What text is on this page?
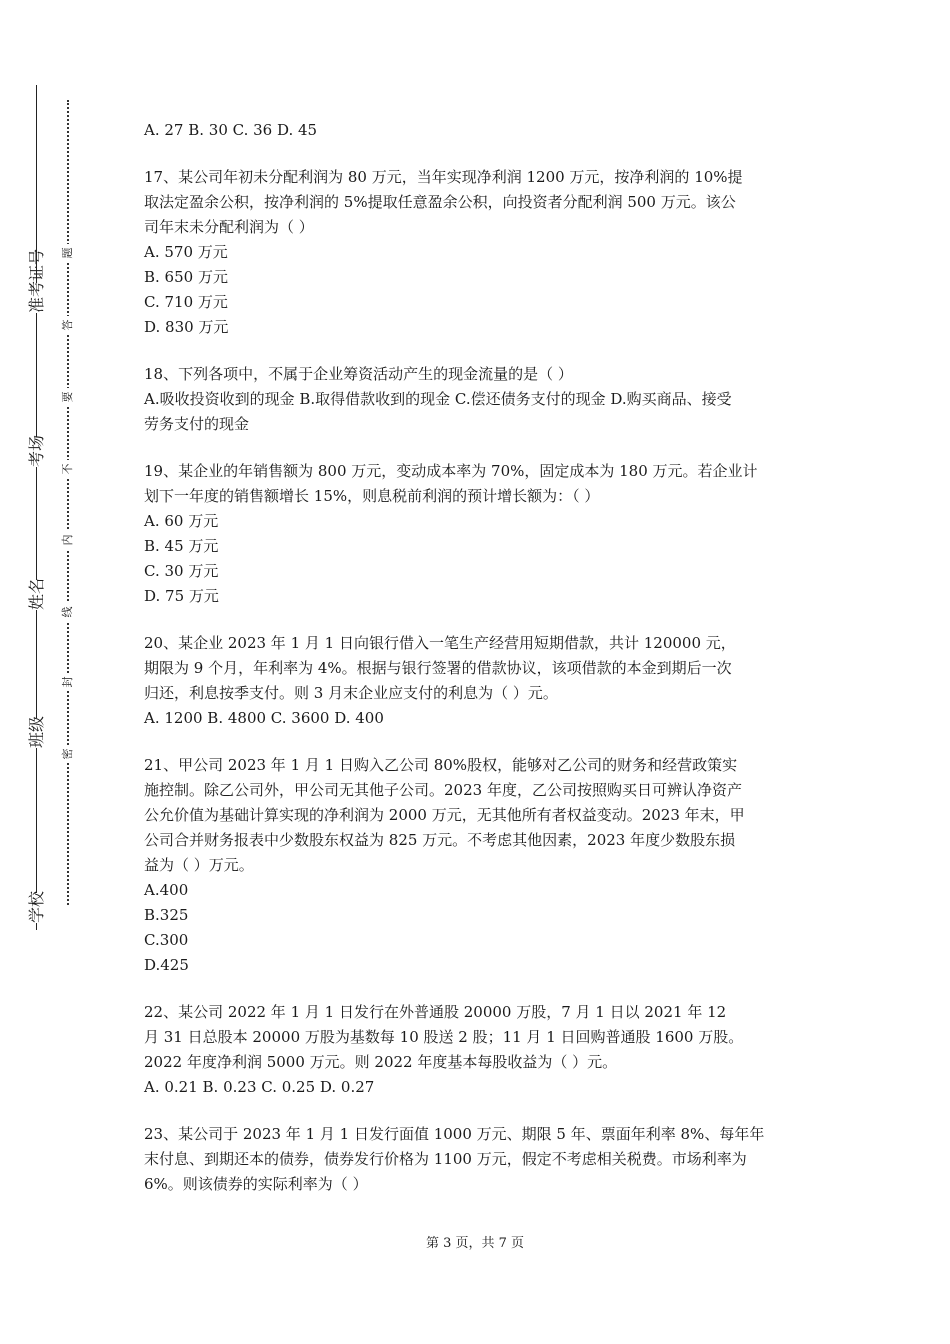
学校
班级
姓名
考场
准考证号
密
封
线
内
不
要
答
题

A. 27 B. 30 C. 36 D. 45

17、某公司年初未分配利润为 80 万元，当年实现净利润 1200 万元，按净利润的 10%提

取法定盈余公积，按净利润的 5%提取任意盈余公积，向投资者分配利润 500 万元。该公

司年末未分配利润为（ ）

A. 570 万元

B. 650 万元

C. 710 万元

D. 830 万元

18、下列各项中，不属于企业筹资活动产生的现金流量的是（ ）

A.吸收投资收到的现金 B.取得借款收到的现金 C.偿还债务支付的现金 D.购买商品、接受

劳务支付的现金

19、某企业的年销售额为 800 万元，变动成本率为 70%，固定成本为 180 万元。若企业计

划下一年度的销售额增长 15%，则息税前利润的预计增长额为：（ ）

A. 60 万元

B. 45 万元

C. 30 万元

D. 75 万元

20、某企业 2023 年 1 月 1 日向银行借入一笔生产经营用短期借款，共计 120000 元，

期限为 9 个月，年利率为 4%。根据与银行签署的借款协议，该项借款的本金到期后一次

归还，利息按季支付。则 3 月末企业应支付的利息为（ ）元。

A. 1200 B. 4800 C. 3600 D. 400

21、甲公司 2023 年 1 月 1 日购入乙公司 80%股权，能够对乙公司的财务和经营政策实

施控制。除乙公司外，甲公司无其他子公司。2023 年度，乙公司按照购买日可辨认净资产

公允价值为基础计算实现的净利润为 2000 万元，无其他所有者权益变动。2023 年末，甲

公司合并财务报表中少数股东权益为 825 万元。不考虑其他因素，2023 年度少数股东损

益为（ ）万元。

A.400

B.325

C.300

D.425

22、某公司 2022 年 1 月 1 日发行在外普通股 20000 万股，7 月 1 日以 2021 年 12

月 31 日总股本 20000 万股为基数每 10 股送 2 股；11 月 1 日回购普通股 1600 万股。

2022 年度净利润 5000 万元。则 2022 年度基本每股收益为（ ）元。

A. 0.21 B. 0.23 C. 0.25 D. 0.27

23、某公司于 2023 年 1 月 1 日发行面值 1000 万元、期限 5 年、票面年利率 8%、每年年

末付息、到期还本的债券，债券发行价格为 1100 万元，假定不考虑相关税费。市场利率为

6%。则该债券的实际利率为（ ）

第 3 页，共 7 页
